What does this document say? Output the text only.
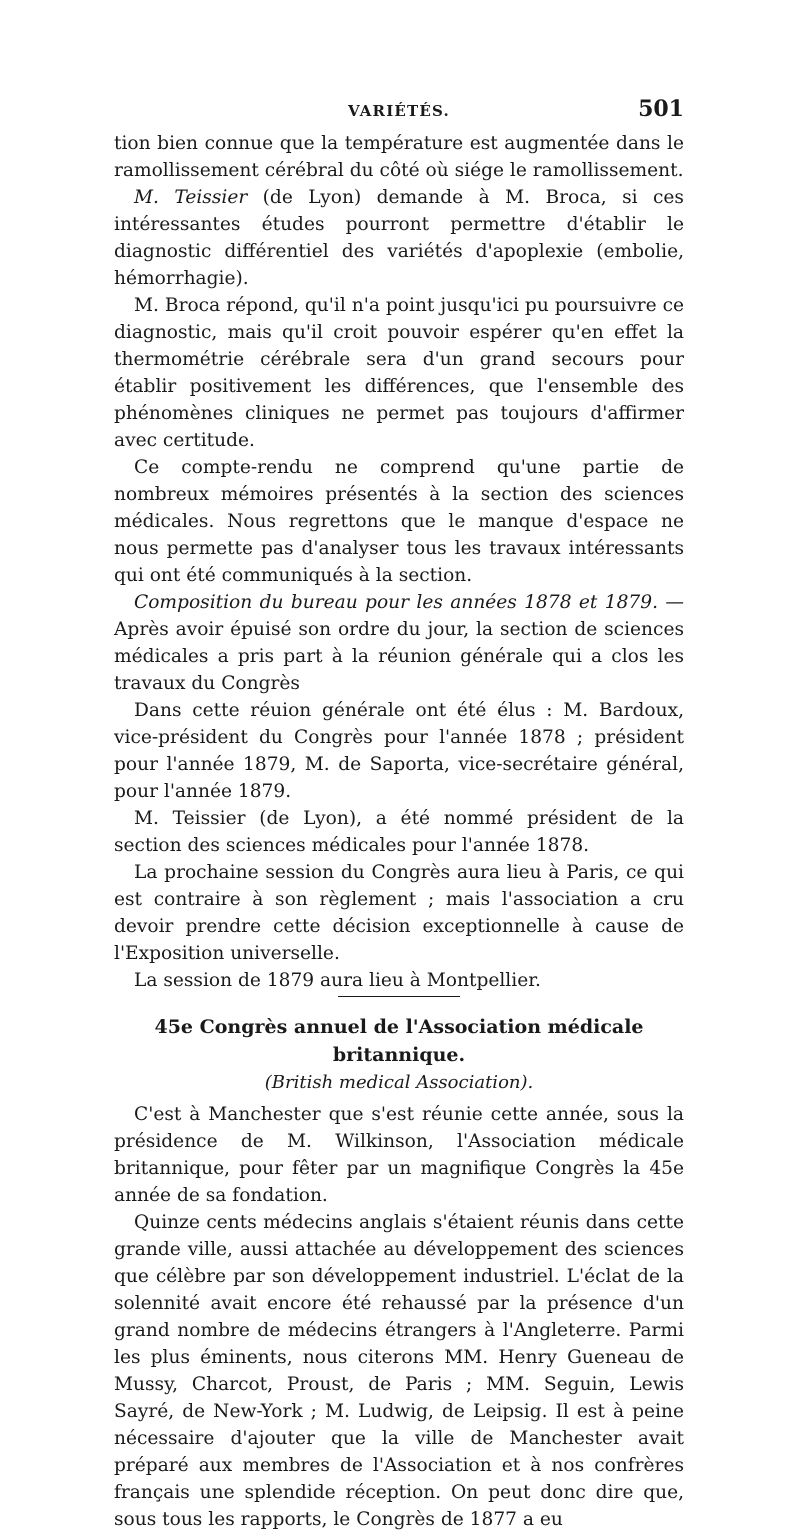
VARIÉTÉS.	501

tion bien connue que la température est augmentée dans le ramollissement cérébral du côté où siége le ramollissement.

M. Teissier (de Lyon) demande à M. Broca, si ces intéressantes études pourront permettre d'établir le diagnostic différentiel des variétés d'apoplexie (embolie, hémorrhagie).

M. Broca répond, qu'il n'a point jusqu'ici pu poursuivre ce diagnostic, mais qu'il croit pouvoir espérer qu'en effet la thermométrie cérébrale sera d'un grand secours pour établir positivement les différences, que l'ensemble des phénomènes cliniques ne permet pas toujours d'affirmer avec certitude.

Ce compte-rendu ne comprend qu'une partie de nombreux mémoires présentés à la section des sciences médicales. Nous regrettons que le manque d'espace ne nous permette pas d'analyser tous les travaux intéressants qui ont été communiqués à la section.

Composition du bureau pour les années 1878 et 1879. — Après avoir épuisé son ordre du jour, la section de sciences médicales a pris part à la réunion générale qui a clos les travaux du Congrès

Dans cette réuion générale ont été élus : M. Bardoux, vice-président du Congrès pour l'année 1878 ; président pour l'année 1879, M. de Saporta, vice-secrétaire général, pour l'année 1879.

M. Teissier (de Lyon), a été nommé président de la section des sciences médicales pour l'année 1878.

La prochaine session du Congrès aura lieu à Paris, ce qui est contraire à son règlement ; mais l'association a cru devoir prendre cette décision exceptionnelle à cause de l'Exposition universelle.

La session de 1879 aura lieu à Montpellier.

45e Congrès annuel de l'Association médicale britannique.
(British medical Association).

C'est à Manchester que s'est réunie cette année, sous la présidence de M. Wilkinson, l'Association médicale britannique, pour fêter par un magnifique Congrès la 45e année de sa fondation.

Quinze cents médecins anglais s'étaient réunis dans cette grande ville, aussi attachée au développement des sciences que célèbre par son développement industriel. L'éclat de la solennité avait encore été rehaussé par la présence d'un grand nombre de médecins étrangers à l'Angleterre. Parmi les plus éminents, nous citerons MM. Henry Gueneau de Mussy, Charcot, Proust, de Paris ; MM. Seguin, Lewis Sayré, de New-York ; M. Ludwig, de Leipsig. Il est à peine nécessaire d'ajouter que la ville de Manchester avait préparé aux membres de l'Association et à nos confrères français une splendide réception. On peut donc dire que, sous tous les rapports, le Congrès de 1877 a eu
